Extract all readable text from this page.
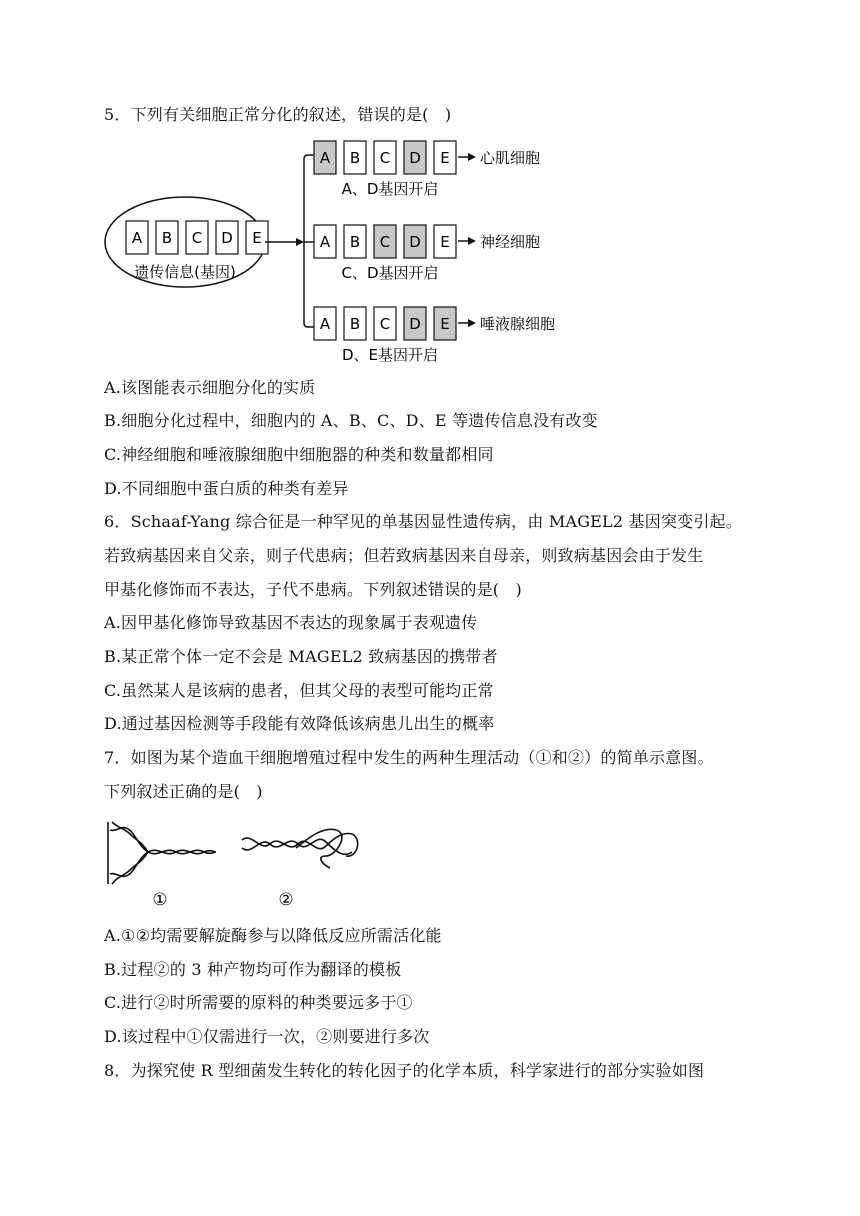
5．下列有关细胞正常分化的叙述，错误的是(　)
A B C D E
遗传信息(基因)
A B C D E 心肌细胞
A、D基因开启
A B C D E 神经细胞
C、D基因开启
A B C D E 唾液腺细胞
D、E基因开启
A.该图能表示细胞分化的实质
B.细胞分化过程中，细胞内的 A、B、C、D、E 等遗传信息没有改变
C.神经细胞和唾液腺细胞中细胞器的种类和数量都相同
D.不同细胞中蛋白质的种类有差异
6．Schaaf-Yang 综合征是一种罕见的单基因显性遗传病，由 MAGEL2 基因突变引起。
若致病基因来自父亲，则子代患病；但若致病基因来自母亲，则致病基因会由于发生
甲基化修饰而不表达，子代不患病。下列叙述错误的是(　)
A.因甲基化修饰导致基因不表达的现象属于表观遗传
B.某正常个体一定不会是 MAGEL2 致病基因的携带者
C.虽然某人是该病的患者，但其父母的表型可能均正常
D.通过基因检测等手段能有效降低该病患儿出生的概率
7．如图为某个造血干细胞增殖过程中发生的两种生理活动（①和②）的简单示意图。
下列叙述正确的是(　)
①	②
A.①②均需要解旋酶参与以降低反应所需活化能
B.过程②的 3 种产物均可作为翻译的模板
C.进行②时所需要的原料的种类要远多于①
D.该过程中①仅需进行一次，②则要进行多次
8．为探究使 R 型细菌发生转化的转化因子的化学本质，科学家进行的部分实验如图
